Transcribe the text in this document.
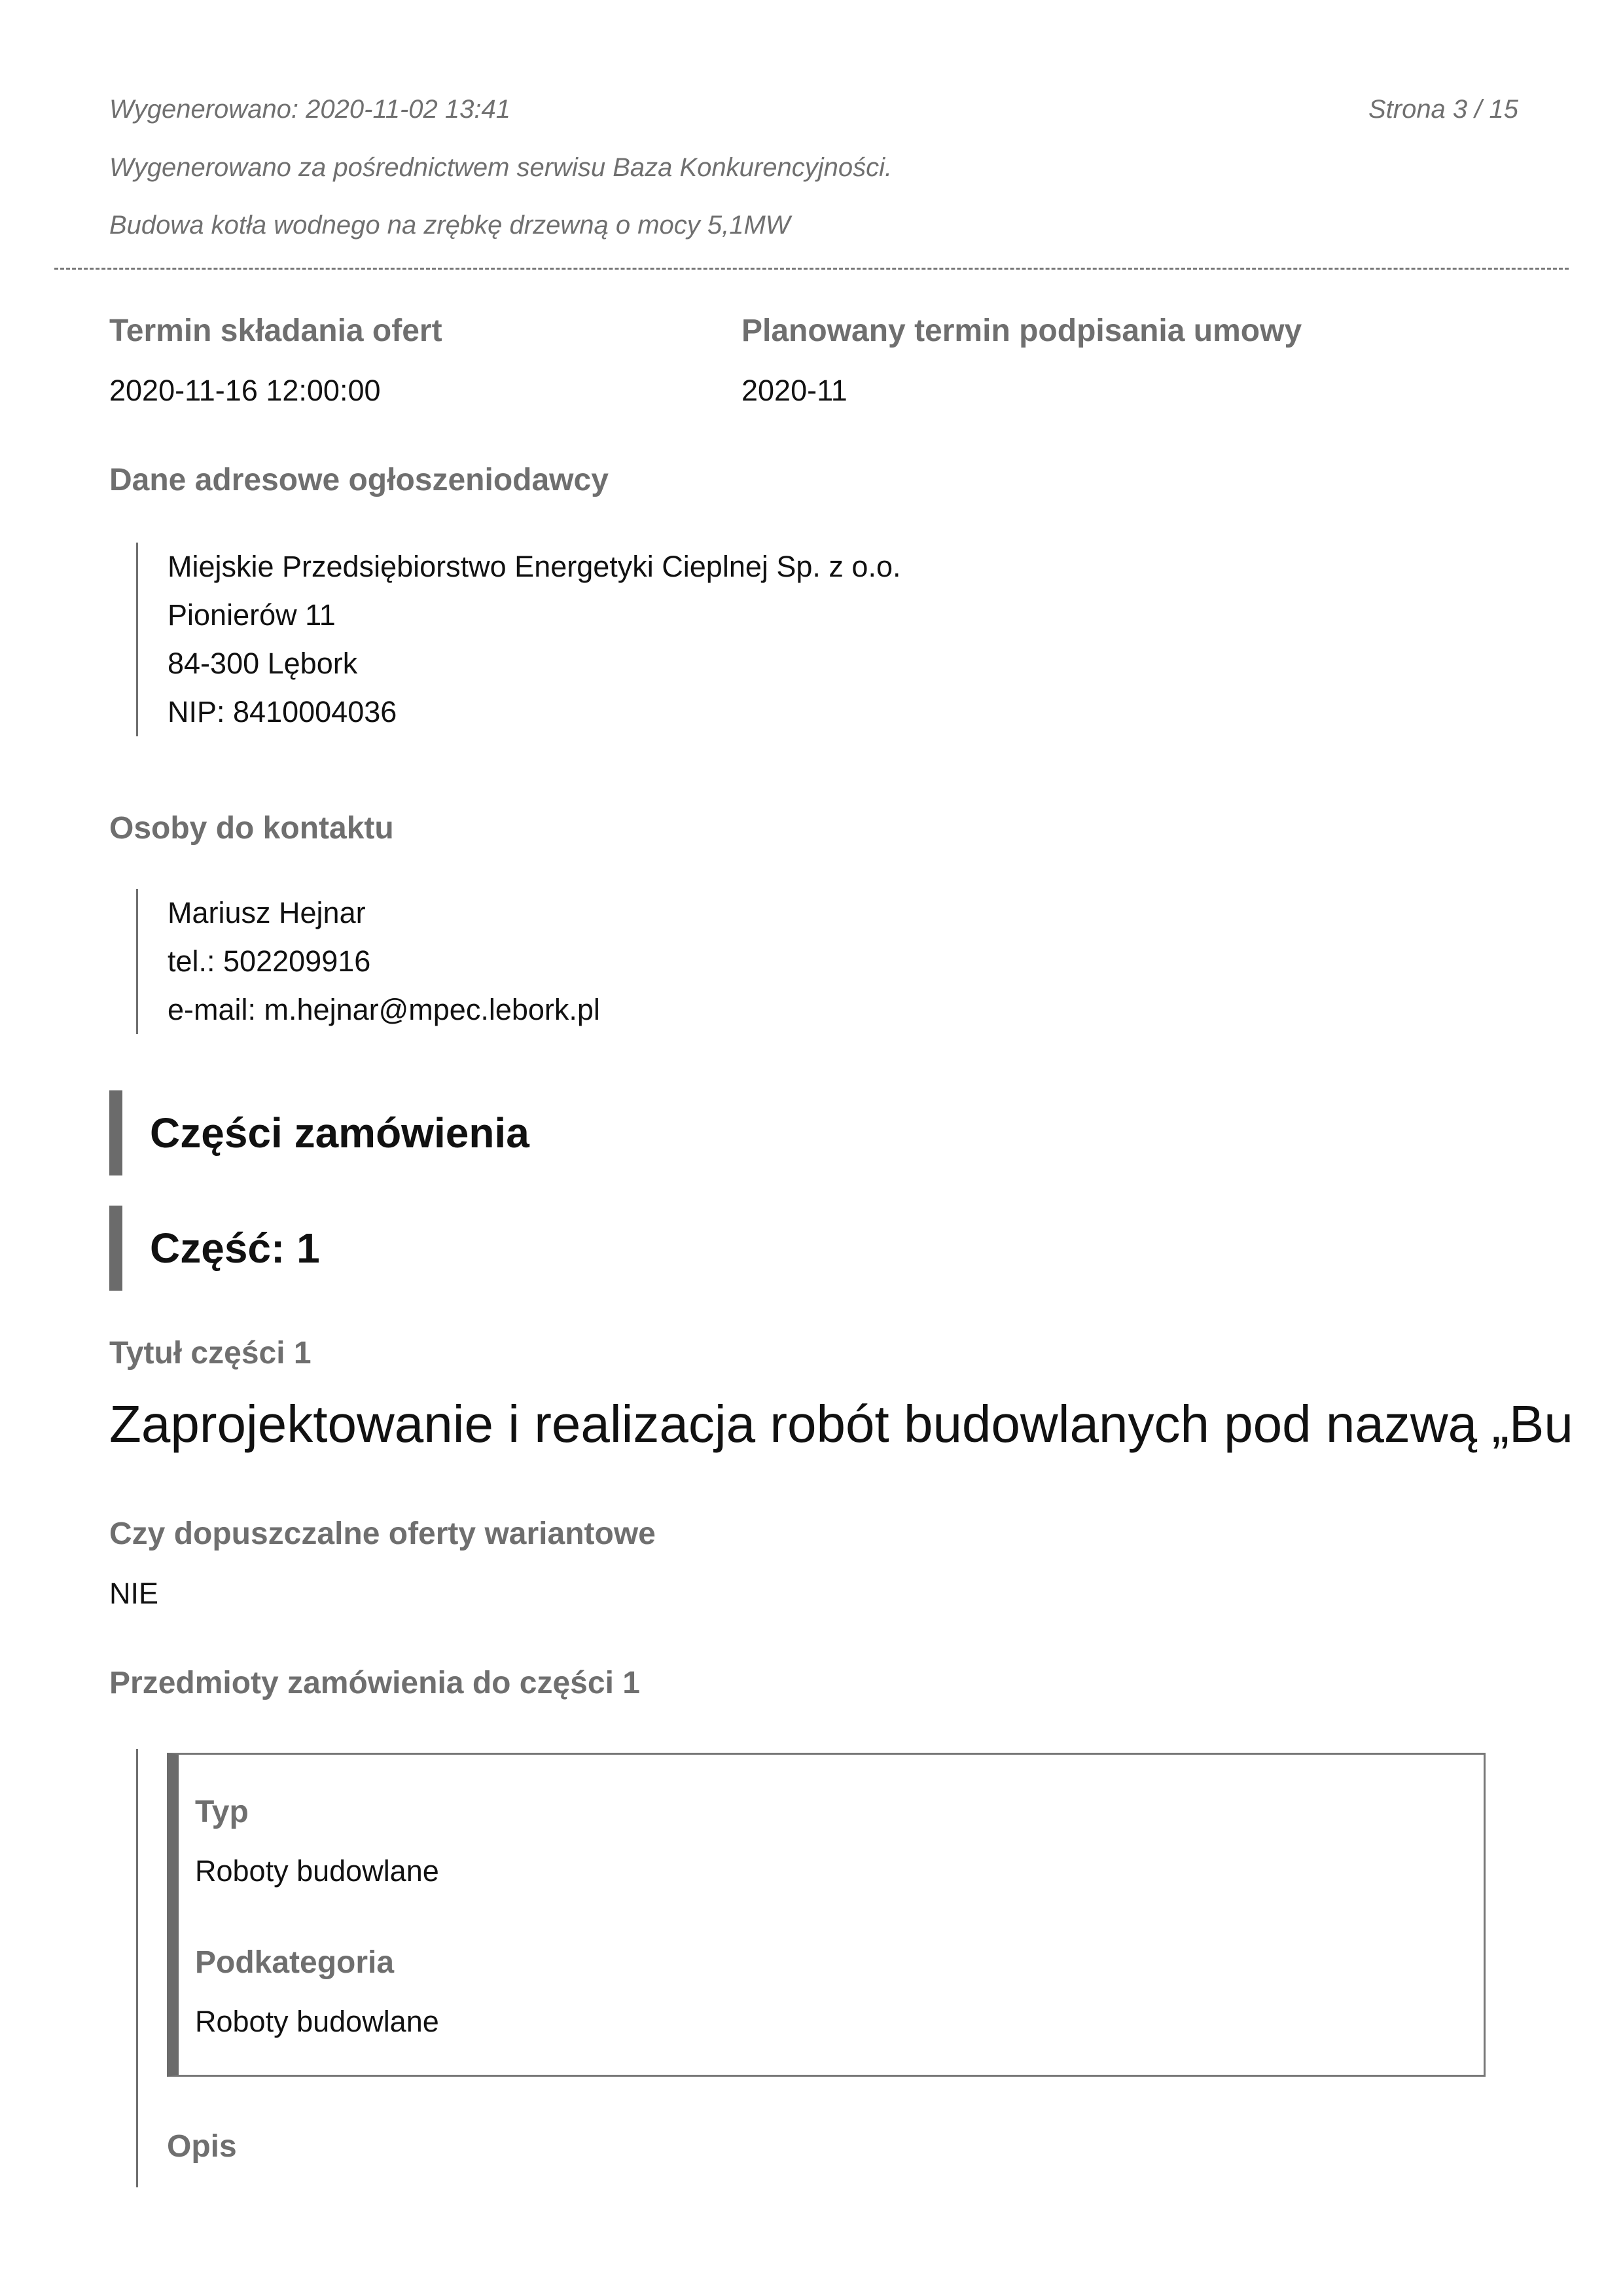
Wygenerowano: 2020-11-02 13:41	Strona 3 / 15
Wygenerowano za pośrednictwem serwisu Baza Konkurencyjności.
Budowa kotła wodnego na zrębkę drzewną o mocy 5,1MW
Termin składania ofert
2020-11-16 12:00:00
Planowany termin podpisania umowy
2020-11
Dane adresowe ogłoszeniodawcy
Miejskie Przedsiębiorstwo Energetyki Cieplnej Sp. z o.o.
Pionierów 11
84-300 Lębork
NIP: 8410004036
Osoby do kontaktu
Mariusz Hejnar
tel.: 502209916
e-mail: m.hejnar@mpec.lebork.pl
Części zamówienia
Część: 1
Tytuł części 1
Zaprojektowanie i realizacja robót budowlanych pod nazwą „Bu
Czy dopuszczalne oferty wariantowe
NIE
Przedmioty zamówienia do części 1
Typ
Roboty budowlane
Podkategoria
Roboty budowlane
Opis
